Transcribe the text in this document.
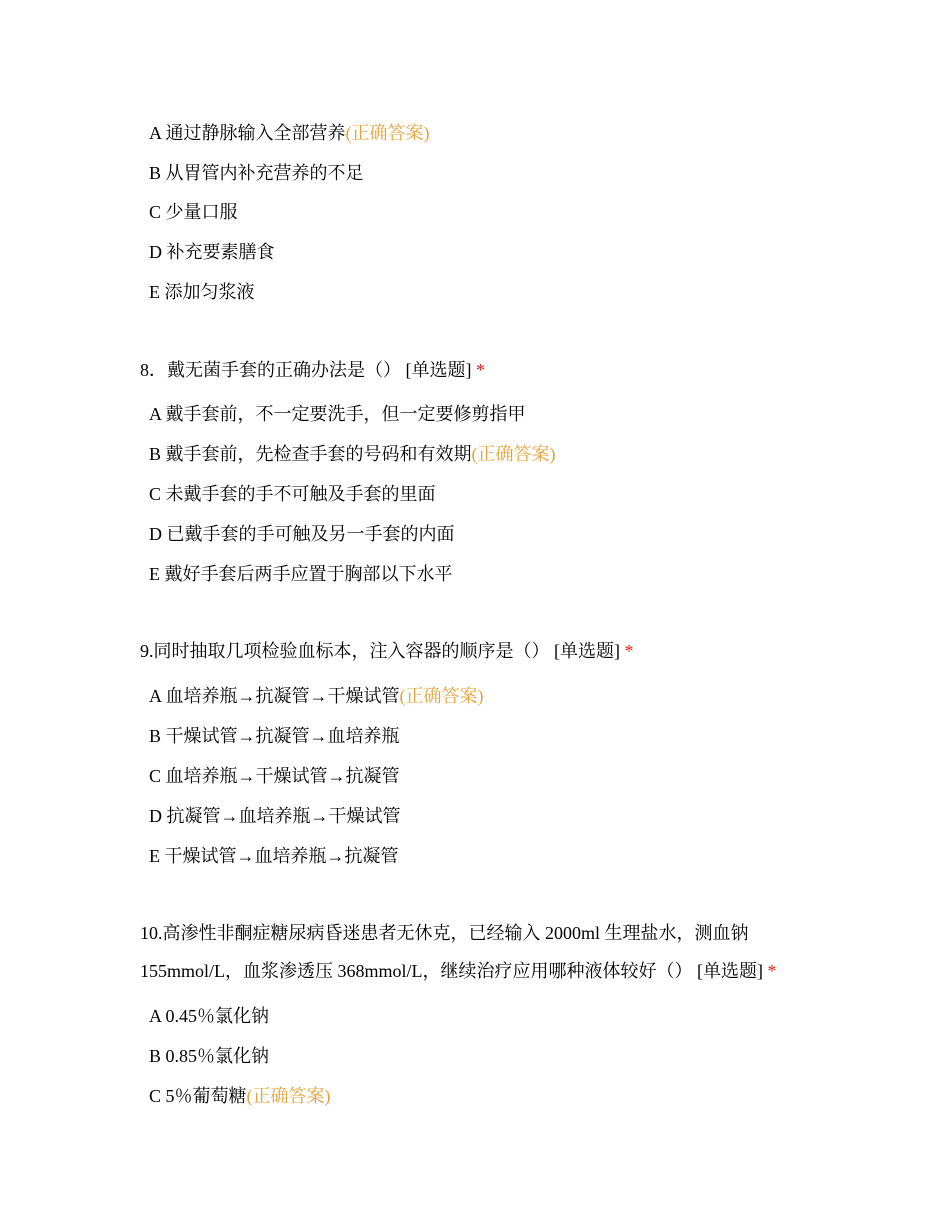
A 通过静脉输入全部营养(正确答案)
B 从胃管内补充营养的不足
C 少量口服
D 补充要素膳食
E 添加匀浆液
8．戴无菌手套的正确办法是（） [单选题] *
A 戴手套前，不一定要洗手，但一定要修剪指甲
B 戴手套前，先检查手套的号码和有效期(正确答案)
C 未戴手套的手不可触及手套的里面
D 已戴手套的手可触及另一手套的内面
E 戴好手套后两手应置于胸部以下水平
9.同时抽取几项检验血标本，注入容器的顺序是（） [单选题] *
A 血培养瓶→抗凝管→干燥试管(正确答案)
B 干燥试管→抗凝管→血培养瓶
C 血培养瓶→干燥试管→抗凝管
D 抗凝管→血培养瓶→干燥试管
E 干燥试管→血培养瓶→抗凝管
10.高渗性非酮症糖尿病昏迷患者无休克，已经输入 2000ml 生理盐水，测血钠 155mmol/L，血浆渗透压 368mmol/L，继续治疗应用哪种液体较好（） [单选题] *
A 0.45％氯化钠
B 0.85％氯化钠
C 5％葡萄糖(正确答案)
